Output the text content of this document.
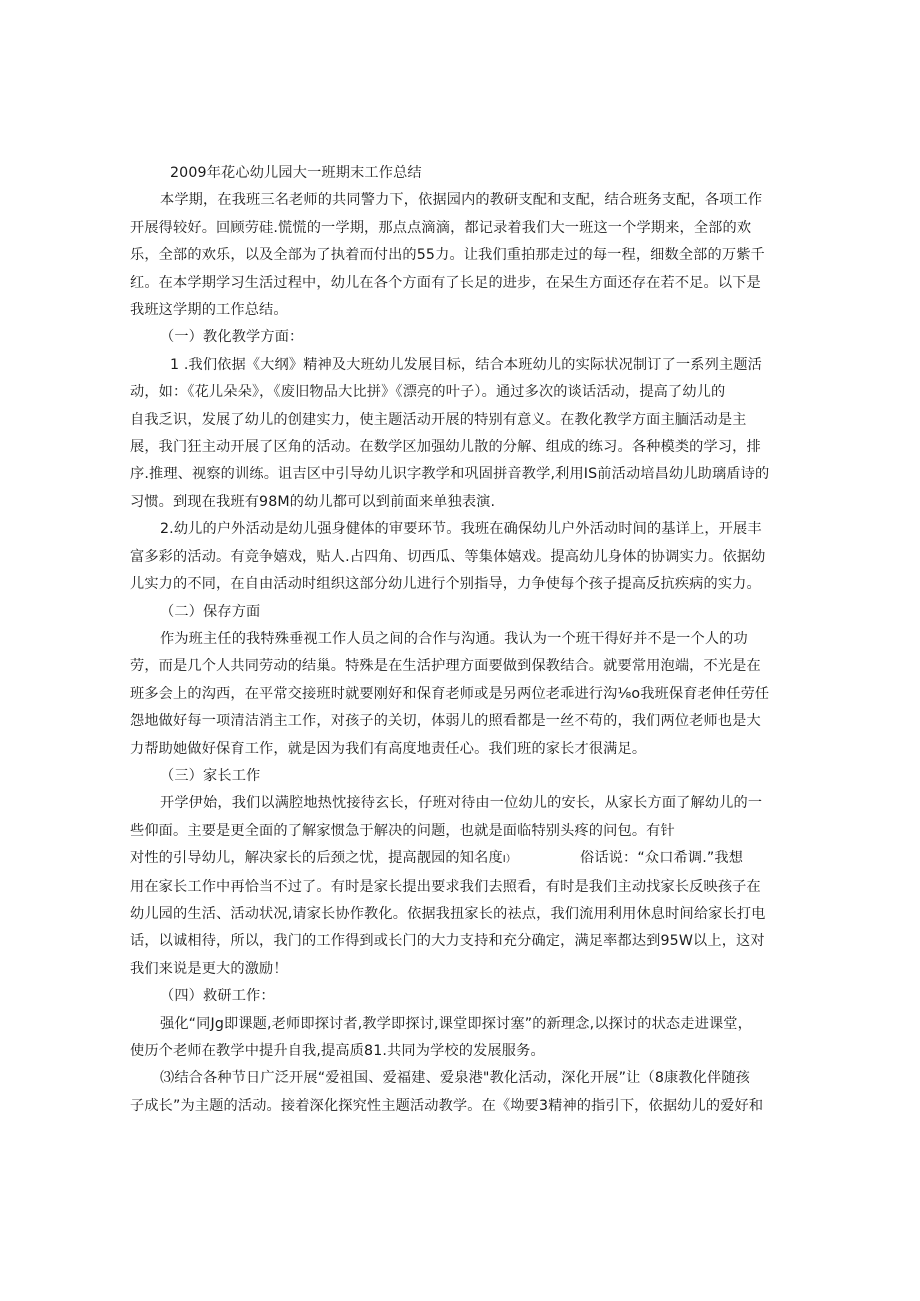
2009年花心幼儿园大一班期末工作总结

本学期，在我班三名老师的共同警力下，依据园内的教研支配和支配，结合班务支配，各项工作

开展得较好。回顾劳硅.慌慌的一学期，那点点滴滴，都记录着我们大一班这一个学期来，全部的欢

乐，全部的欢乐，以及全部为了执着而付出的55力。让我们重拍那走过的每一程，细数全部的万紫千

红。在本学期学习生活过程中，幼儿在各个方面有了长足的进步，在呆生方面还存在若不足。以下是

我班这学期的工作总结。

（一）教化教学方面：

1 .我们依据《大纲》精神及大班幼儿发展目标，结合本班幼儿的实际状况制订了一系列主题活

动，如：《花儿朵朵》，《废旧物品大比拼》《漂亮的叶子）。通过多次的谈话活动，提高了幼儿的

自我乏识，发展了幼儿的创建实力，使主题活动开展的特别有意义。在教化教学方面主腼活动是主

展，我门狂主动开展了区角的活动。在数学区加强幼儿散的分解、组成的练习。各种模类的学习，排

序.推理、视察的训练。诅吉区中引导幼儿识字教学和巩固拼音教学,利用IS前活动培昌幼儿助璃盾诗的

习惯。到现在我班有98M的幼儿都可以到前面来单独表演.

2.幼儿的户外活动是幼儿强身健体的审要环节。我班在确保幼儿户外活动时间的基详上，开展丰

富多彩的活动。有竞争嬉戏，贴人.占四角、切西瓜、等集体嬉戏。提高幼儿身体的协调实力。依据幼

儿实力的不同，在自由活动时组织这部分幼儿进行个别指导，力争使每个孩子提高反抗疾病的实力。

（二）保存方面

作为班主任的我特殊垂视工作人员之间的合作与沟通。我认为一个班干得好并不是一个人的功

劳，而是几个人共同劳动的结巢。特殊是在生活护理方面要做到保教结合。就要常用泡端，不光是在

班多会上的沟西，在平常交接班时就要刚好和保育老师或是另两位老乖进行沟⅛o我班保育老伸任劳任

怨地做好每一项清洁消主工作，对孩子的关切，体弱儿的照看都是一丝不苟的，我们两位老师也是大

力帮助她做好保育工作，就是因为我们有高度地责任心。我们班的家长才很满足。

（三）家长工作

开学伊始，我们以满腔地热忱接待玄长，仔班对待由一位幼儿的安长，从家长方面了解幼儿的一

些仰面。主要是更全面的了解家惯急于解决的问题，也就是面临特别头疼的问包。有针

对性的引导幼儿，解决家长的后颈之忧，提高靓园的知名度I）	俗话说：“众口希调.”我想

用在家长工作中再恰当不过了。有时是家长提出要求我们去照看，有时是我们主动找家长反映孩子在

幼儿园的生活、活动状况,请家长协作教化。依据我扭家长的祛点，我们流用利用休息时间给家长打电

话，以诚相待，所以，我门的工作得到或长门的大力支持和充分确定，满足率都达到95W以上，这对

我们来说是更大的激励！

（四）救研工作：

强化“同Jg即课题,老师即探讨者,教学即探讨,课堂即探讨塞”的新理念,以探讨的状态走进课堂，

使历个老师在教学中提升自我,提高质81.共同为学校的发展服务。

⑶结合各种节日广泛开展“爱祖国、爱福建、爱泉港"教化活动，深化开展”让（8康教化伴随孩

子成长”为主题的活动。接着深化探究性主题活动教学。在《坳要3精神的指引下，依据幼儿的爱好和
